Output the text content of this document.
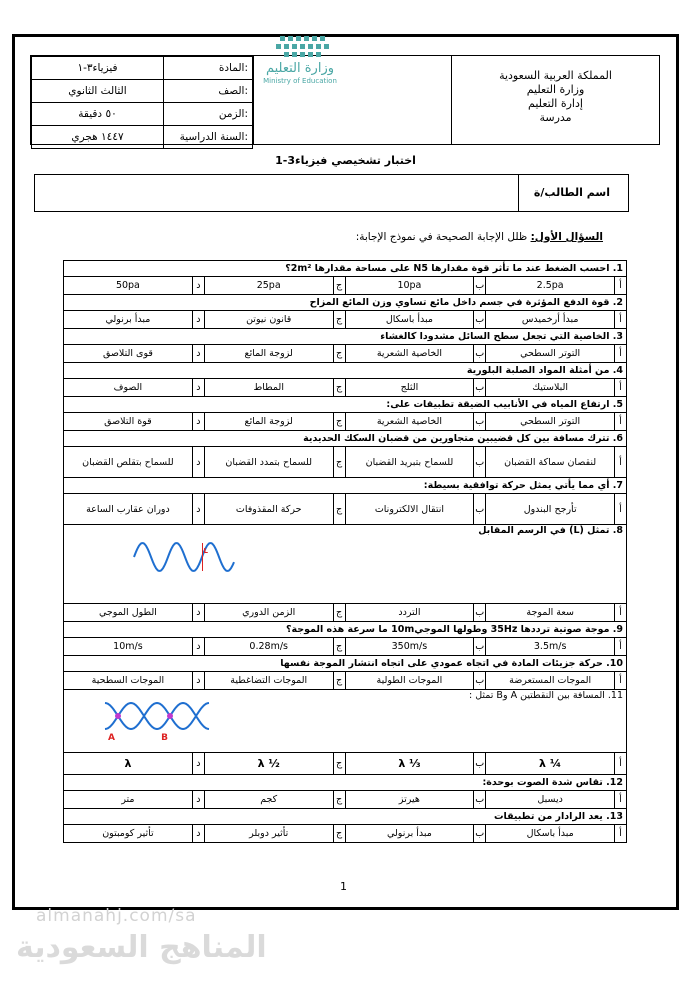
فيزياء٣-١	المادة:
الثالث الثانوي	الصف:
٥٠ دقيقة	الزمن:
١٤٤٧ هجري	السنة الدراسية:
المملكة العربية السعودية
وزارة التعليم
إدارة التعليم
مدرسة
وزارة التعليم
Ministry of Education
اختبار تشخيصي فيزياء3-1
اسم الطالب/ة
السؤال الأول: ظلل الإجابة الصحيحة في نموذج الإجابة:
1. احسب الضغط عند ما تأثر قوة مقدارها N5 على مساحة مقدارها 2m²؟							
أ	2.5pa	ب	10pa	ج	25pa	د	50pa
2. قوة الدفع المؤثرة في جسم داخل مائع تساوي وزن المائع المزاح							
أ	مبدأ أرخميدس	ب	مبدأ باسكال	ج	قانون نيوتن	د	مبدأ برنولي
3. الخاصية التي تجعل سطح السائل مشدودا كالغشاء							
أ	التوتر السطحي	ب	الخاصية الشعرية	ج	لزوجة المائع	د	قوى التلاصق
4. من أمثلة المواد الصلبة البلورية							
أ	البلاستيك	ب	الثلج	ج	المطاط	د	الصوف
5. ارتفاع المياه في الأنابيب الضيقة تطبيقات على:							
أ	التوتر السطحي	ب	الخاصية الشعرية	ج	لزوجة المائع	د	قوة التلاصق
6. تترك مسافة بين كل قضيبين متجاورين من قضبان السكك الحديدية							
أ	لنقصان سماكة القضبان	ب	للسماح بتبريد القضبان	ج	للسماح بتمدد القضبان	د	للسماح بتقلص القضبان
7. أي مما يأتي يمثل حركة توافقية بسيطة:							
أ	تأرجح البندول	ب	انتقال الالكترونات	ج	حركة المقذوفات	د	دوران عقارب الساعة
8. تمثل (L) في الرسم المقابل
L							

أ	سعة الموجة	ب	التردد	ج	الزمن الدوري	د	الطول الموجي
9. موجة صوتية ترددها 35Hz وطولها الموجي10m ما سرعة هذه الموجة؟							
أ	3.5m/s	ب	350m/s	ج	0.28m/s	د	10m/s
10. حركة جزيئات المادة في اتجاه عمودي على اتجاه انتشار الموجة نفسها							
أ	الموجات المستعرضة	ب	الموجات الطولية	ج	الموجات التضاغطية	د	الموجات السطحية
11. المسافة بين النقطتين A وB تمثل :
A B							

أ	¼ λ	ب	⅓ λ	ج	½ λ	د	λ
12. تقاس شدة الصوت بوحدة:							
أ	ديسبل	ب	هيرتز	ج	كجم	د	متر
13. يعد الرادار من تطبيقات							
أ	مبدأ باسكال	ب	مبدأ برنولي	ج	تأثير دوبلر	د	تأثير كومبتون
1
almanahj.com/sa
المناهج السعودية
